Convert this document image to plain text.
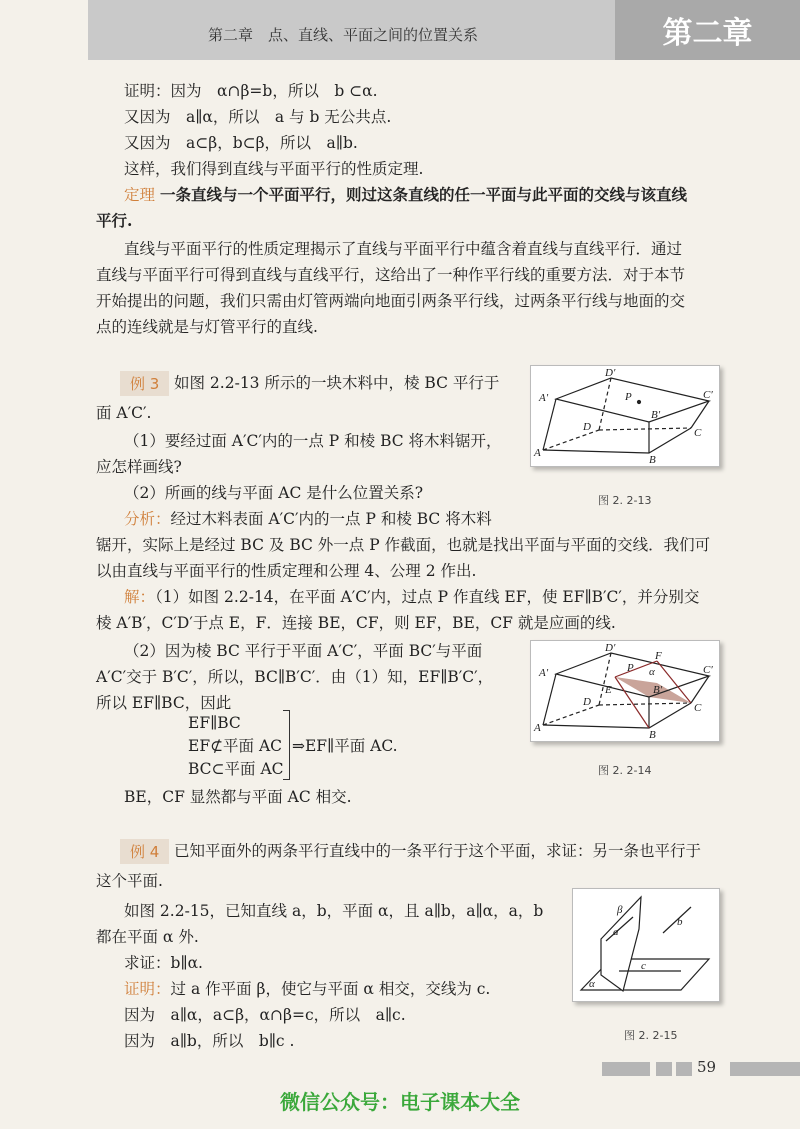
第二章　点、直线、平面之间的位置关系	第二章
证明：因为　α∩β=b，所以　b ⊂α.
又因为　a∥α，所以　a 与 b 无公共点.
又因为　a⊂β，b⊂β，所以　a∥b.
这样，我们得到直线与平面平行的性质定理.
定理 一条直线与一个平面平行，则过这条直线的任一平面与此平面的交线与该直线
平行.
直线与平面平行的性质定理揭示了直线与平面平行中蕴含着直线与直线平行．通过
直线与平面平行可得到直线与直线平行，这给出了一种作平行线的重要方法．对于本节
开始提出的问题，我们只需由灯管两端向地面引两条平行线，过两条平行线与地面的交
点的连线就是与灯管平行的直线.
例 3 如图 2.2-13 所示的一块木料中，棱 BC 平行于
面 A′C′.
（1）要经过面 A′C′内的一点 P 和棱 BC 将木料锯开，
应怎样画线?
（2）所画的线与平面 AC 是什么位置关系?
分析：经过木料表面 A′C′内的一点 P 和棱 BC 将木料
锯开，实际上是经过 BC 及 BC 外一点 P 作截面，也就是找出平面与平面的交线．我们可
以由直线与平面平行的性质定理和公理 4、公理 2 作出.
解：（1）如图 2.2-14，在平面 A′C′内，过点 P 作直线 EF，使 EF∥B′C′，并分别交
棱 A′B′，C′D′于点 E，F．连接 BE，CF，则 EF，BE，CF 就是应画的线.
（2）因为棱 BC 平行于平面 A′C′，平面 BC′与平面
A′C′交于 B′C′，所以，BC∥B′C′．由（1）知，EF∥B′C′，
所以 EF∥BC，因此
EF∥BC
EF⊄平面 AC
BC⊂平面 AC
⇒EF∥平面 AC.
BE，CF 显然都与平面 AC 相交.
D′
C′
A′	P
B′
D	C
A
B
图 2. 2-13
D′
F
C′
A′	P α
E	B′
D	C
A
B
图 2. 2-14
例 4 已知平面外的两条平行直线中的一条平行于这个平面，求证：另一条也平行于
这个平面.
如图 2.2-15，已知直线 a，b，平面 α，且 a∥b，a∥α，a，b
都在平面 α 外.
求证：b∥α.
证明：过 a 作平面 β，使它与平面 α 相交，交线为 c.
因为　a∥α，a⊂β，α∩β=c，所以　a∥c.
因为　a∥b，所以　b∥c .
β
a
b
c
α
图 2. 2-15
59
微信公众号：电子课本大全
